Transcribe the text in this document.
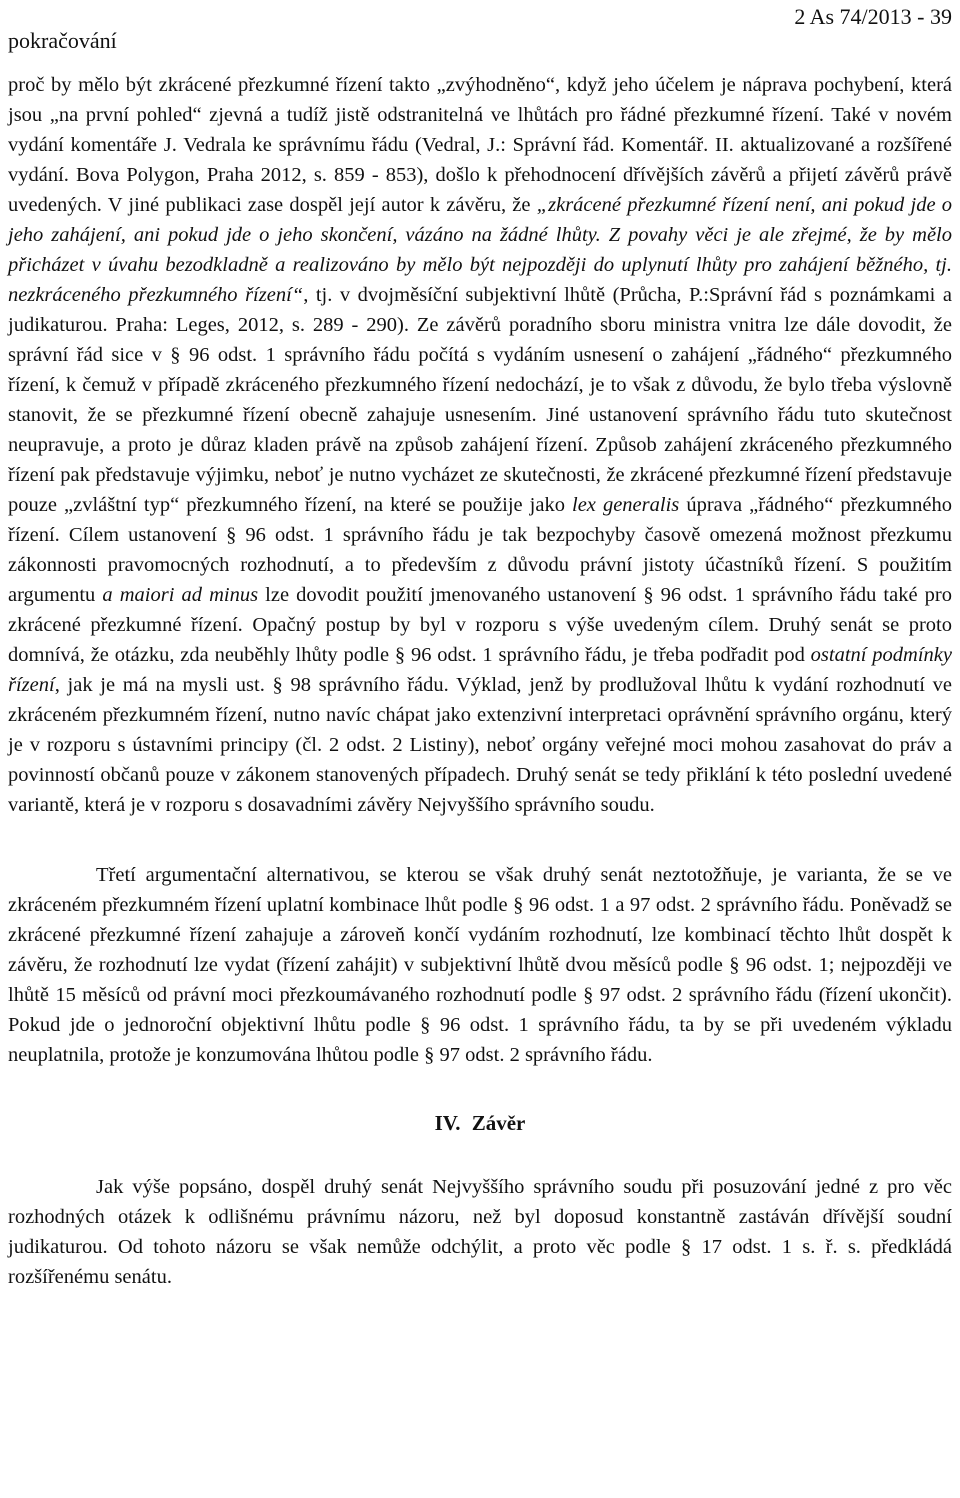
pokračování
2 As 74/2013 - 39

proč by mělo být zkrácené přezkumné řízení takto „zvýhodněno“, když jeho účelem je náprava pochybení, která jsou „na první pohled“ zjevná a tudíž jistě odstranitelná ve lhůtách pro řádné přezkumné řízení. Také v novém vydání komentáře J. Vedrala ke správnímu řádu (Vedral, J.: Správní řád. Komentář. II. aktualizované a rozšířené vydání. Bova Polygon, Praha 2012, s. 859 - 853), došlo k přehodnocení dřívějších závěrů a přijetí závěrů právě uvedených. V jiné publikaci zase dospěl její autor k závěru, že „zkrácené přezkumné řízení není, ani pokud jde o jeho zahájení, ani pokud jde o jeho skončení, vázáno na žádné lhůty. Z povahy věci je ale zřejmé, že by mělo přicházet v úvahu bezodkladně a realizováno by mělo být nejpozději do uplynutí lhůty pro zahájení běžného, tj. nezkráceného přezkumného řízení“, tj. v dvojměsíční subjektivní lhůtě (Průcha, P.:Správní řád s poznámkami a judikaturou. Praha: Leges, 2012, s. 289 - 290). Ze závěrů poradního sboru ministra vnitra lze dále dovodit, že správní řád sice v § 96 odst. 1 správního řádu počítá s vydáním usnesení o zahájení „řádného“ přezkumného řízení, k čemuž v případě zkráceného přezkumného řízení nedochází, je to však z důvodu, že bylo třeba výslovně stanovit, že se přezkumné řízení obecně zahajuje usnesením. Jiné ustanovení správního řádu tuto skutečnost neupravuje, a proto je důraz kladen právě na způsob zahájení řízení. Způsob zahájení zkráceného přezkumného řízení pak představuje výjimku, neboť je nutno vycházet ze skutečnosti, že zkrácené přezkumné řízení představuje pouze „zvláštní typ“ přezkumného řízení, na které se použije jako lex generalis úprava „řádného“ přezkumného řízení. Cílem ustanovení § 96 odst. 1 správního řádu je tak bezpochyby časově omezená možnost přezkumu zákonnosti pravomocných rozhodnutí, a to především z důvodu právní jistoty účastníků řízení. S použitím argumentu a maiori ad minus lze dovodit použití jmenovaného ustanovení § 96 odst. 1 správního řádu také pro zkrácené přezkumné řízení. Opačný postup by byl v rozporu s výše uvedeným cílem. Druhý senát se proto domnívá, že otázku, zda neuběhly lhůty podle § 96 odst. 1 správního řádu, je třeba podřadit pod ostatní podmínky řízení, jak je má na mysli ust. § 98 správního řádu. Výklad, jenž by prodlužoval lhůtu k vydání rozhodnutí ve zkráceném přezkumném řízení, nutno navíc chápat jako extenzivní interpretaci oprávnění správního orgánu, který je v rozporu s ústavními principy (čl. 2 odst. 2 Listiny), neboť orgány veřejné moci mohou zasahovat do práv a povinností občanů pouze v zákonem stanovených případech. Druhý senát se tedy přiklání k této poslední uvedené variantě, která je v rozporu s dosavadními závěry Nejvyššího správního soudu.

Třetí argumentační alternativou, se kterou se však druhý senát neztotožňuje, je varianta, že se ve zkráceném přezkumném řízení uplatní kombinace lhůt podle § 96 odst. 1 a 97 odst. 2 správního řádu. Poněvadž se zkrácené přezkumné řízení zahajuje a zároveň končí vydáním rozhodnutí, lze kombinací těchto lhůt dospět k závěru, že rozhodnutí lze vydat (řízení zahájit) v subjektivní lhůtě dvou měsíců podle § 96 odst. 1; nejpozději ve lhůtě 15 měsíců od právní moci přezkoumávaného rozhodnutí podle § 97 odst. 2 správního řádu (řízení ukončit). Pokud jde o jednoroční objektivní lhůtu podle § 96 odst. 1 správního řádu, ta by se při uvedeném výkladu neuplatnila, protože je konzumována lhůtou podle § 97 odst. 2 správního řádu.

IV. Závěr

Jak výše popsáno, dospěl druhý senát Nejvyššího správního soudu při posuzování jedné z pro věc rozhodných otázek k odlišnému právnímu názoru, než byl doposud konstantně zastáván dřívější soudní judikaturou. Od tohoto názoru se však nemůže odchýlit, a proto věc podle § 17 odst. 1 s. ř. s. předkládá rozšířenému senátu.
